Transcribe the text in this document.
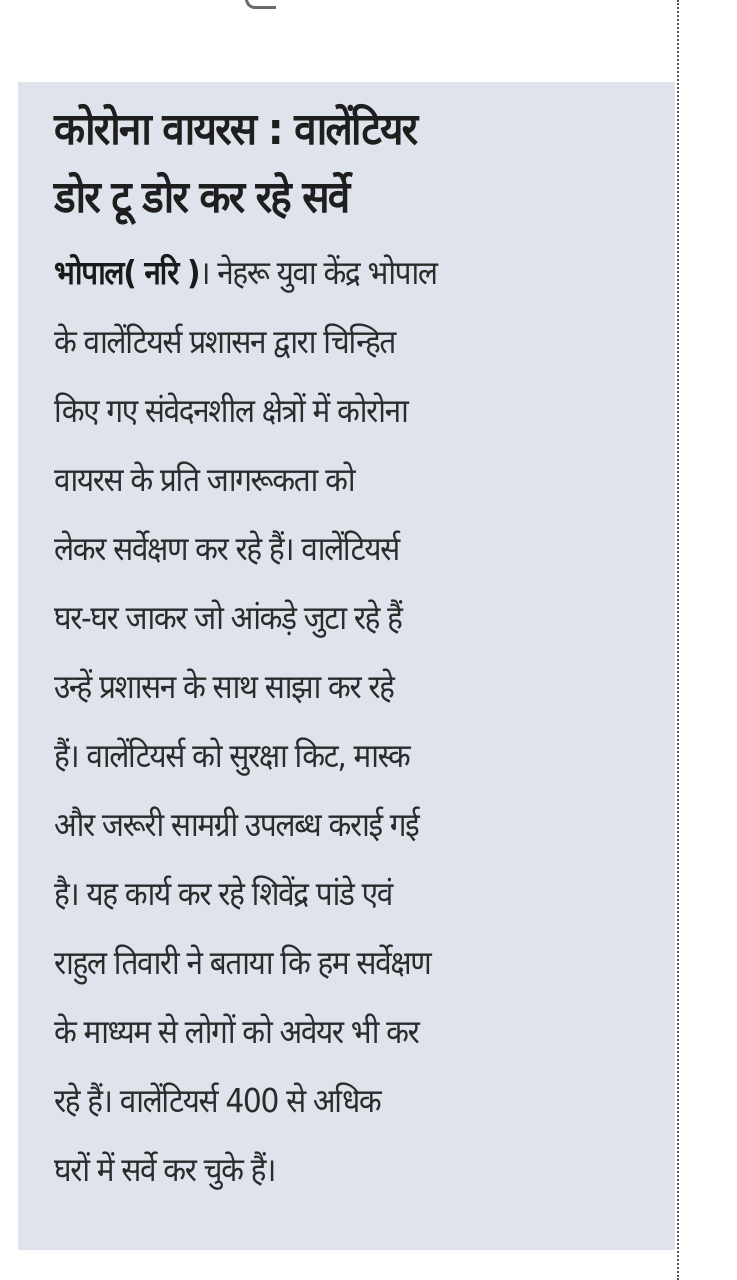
कोरोना वायरस : वालेंटियर
डोर टू डोर कर रहे सर्वे
भोपाल( नरि )। नेहरू युवा केंद्र भोपाल
के वालेंटियर्स प्रशासन द्वारा चिन्हित
किए गए संवेदनशील क्षेत्रों में कोरोना
वायरस के प्रति जागरूकता को
लेकर सर्वेक्षण कर रहे हैं। वालेंटियर्स
घर-घर जाकर जो आंकड़े जुटा रहे हैं
उन्हें प्रशासन के साथ साझा कर रहे
हैं। वालेंटियर्स को सुरक्षा किट, मास्क
और जरूरी सामग्री उपलब्ध कराई गई
है। यह कार्य कर रहे शिवेंद्र पांडे एवं
राहुल तिवारी ने बताया कि हम सर्वेक्षण
के माध्यम से लोगों को अवेयर भी कर
रहे हैं। वालेंटियर्स 400 से अधिक
घरों में सर्वे कर चुके हैं।
